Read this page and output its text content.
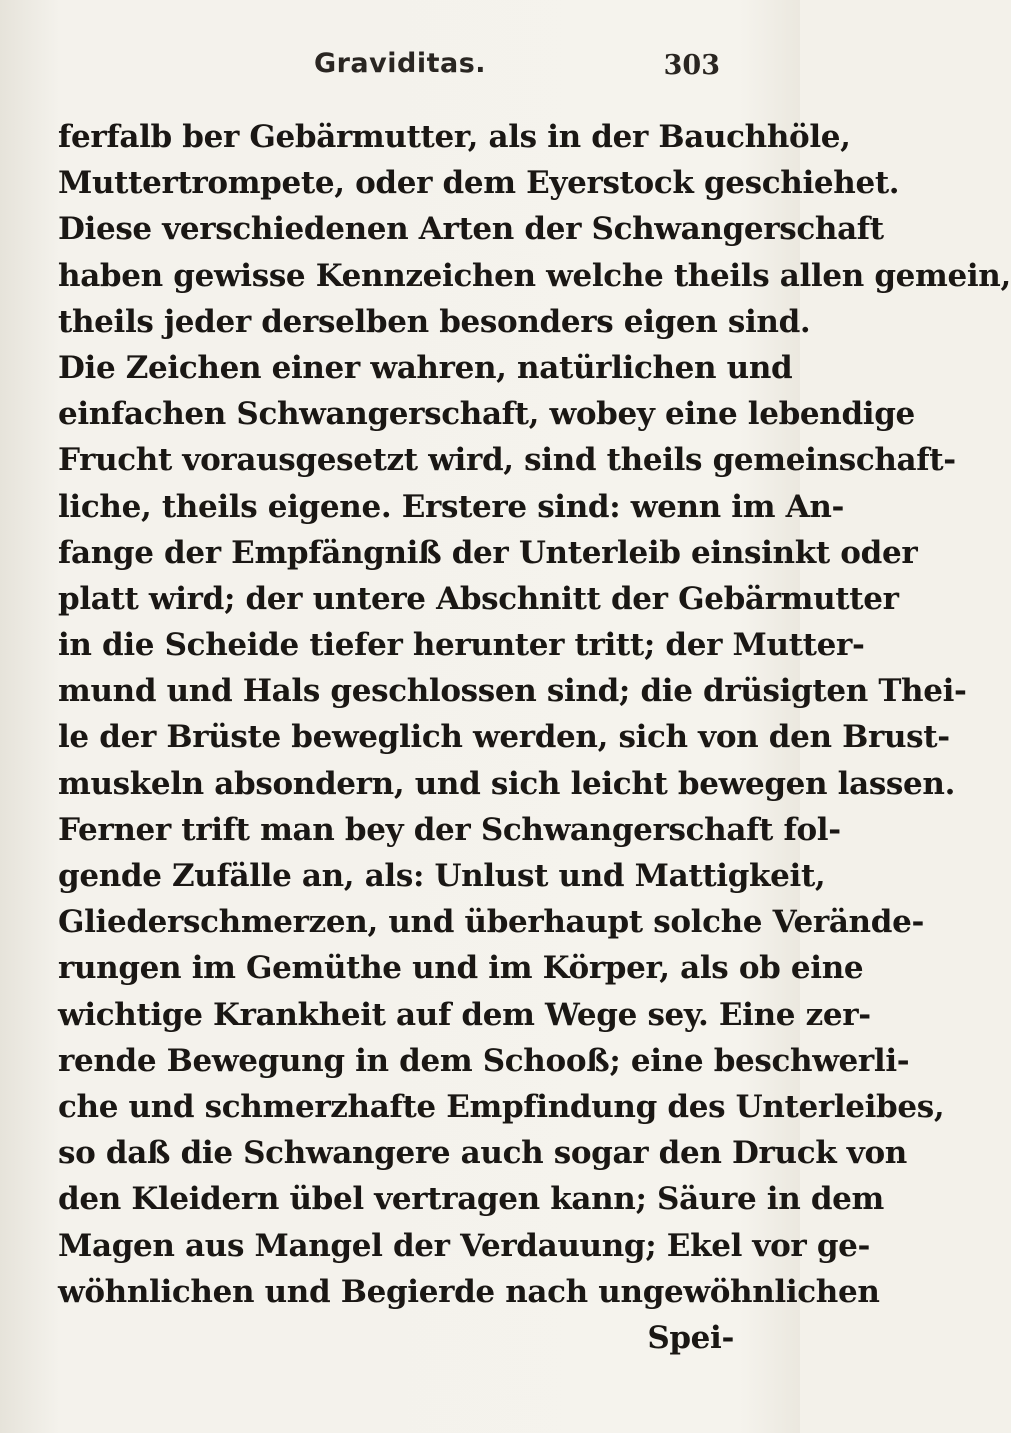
Graviditas.	303
ferfalb ber Gebärmutter, als in der Bauchhöle,
Muttertrompete, oder dem Eyerstock geschiehet.
Diese verschiedenen Arten der Schwangerschaft
haben gewisse Kennzeichen welche theils allen gemein,
theils jeder derselben besonders eigen sind.
Die Zeichen einer wahren, natürlichen und
einfachen Schwangerschaft, wobey eine lebendige
Frucht vorausgesetzt wird, sind theils gemeinschaft-
liche, theils eigene. Erstere sind: wenn im An-
fange der Empfängniß der Unterleib einsinkt oder
platt wird; der untere Abschnitt der Gebärmutter
in die Scheide tiefer herunter tritt; der Mutter-
mund und Hals geschlossen sind; die drüsigten Thei-
le der Brüste beweglich werden, sich von den Brust-
muskeln absondern, und sich leicht bewegen lassen.
Ferner trift man bey der Schwangerschaft fol-
gende Zufälle an, als: Unlust und Mattigkeit,
Gliederschmerzen, und überhaupt solche Verände-
rungen im Gemüthe und im Körper, als ob eine
wichtige Krankheit auf dem Wege sey. Eine zer-
rende Bewegung in dem Schooß; eine beschwerli-
che und schmerzhafte Empfindung des Unterleibes,
so daß die Schwangere auch sogar den Druck von
den Kleidern übel vertragen kann; Säure in dem
Magen aus Mangel der Verdauung; Ekel vor ge-
wöhnlichen und Begierde nach ungewöhnlichen
Spei-
